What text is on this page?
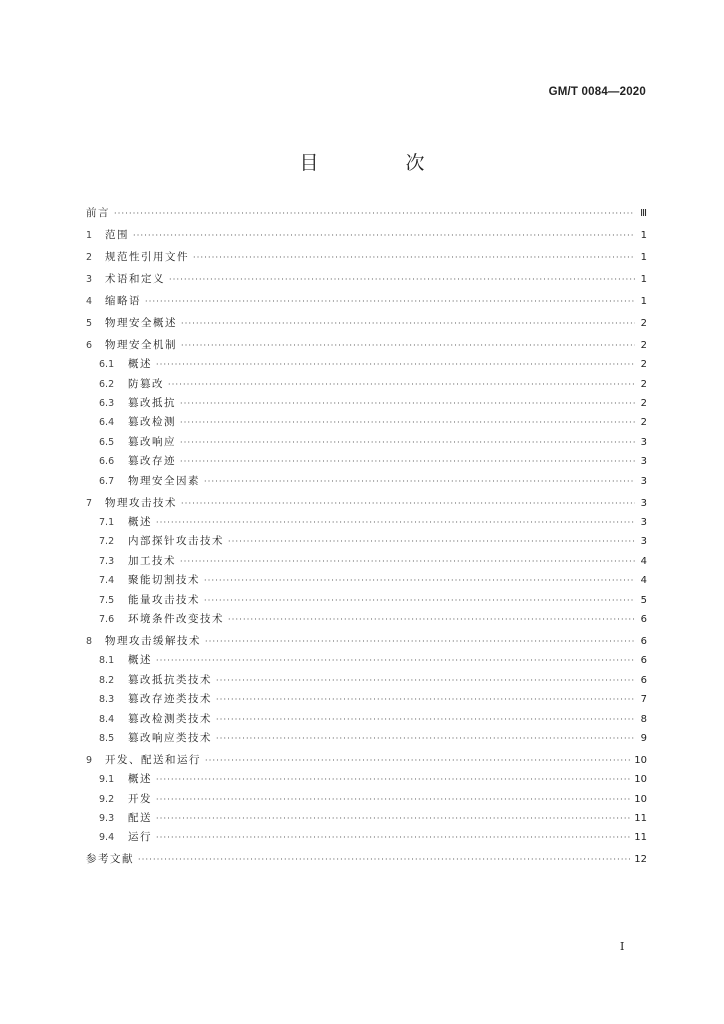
GM/T 0084—2020
目　次
前言 ·····	Ⅲ
1	范围 ·····	1
2	规范性引用文件 ·····	1
3	术语和定义 ·····	1
4	缩略语 ·····	1
5	物理安全概述 ·····	2
6	物理安全机制 ·····	2
6.1	概述 ·····	2
6.2	防篡改 ·····	2
6.3	篡改抵抗 ·····	2
6.4	篡改检测 ·····	2
6.5	篡改响应 ·····	3
6.6	篡改存迹 ·····	3
6.7	物理安全因素 ·····	3
7	物理攻击技术 ·····	3
7.1	概述 ·····	3
7.2	内部探针攻击技术 ·····	3
7.3	加工技术 ·····	4
7.4	聚能切割技术 ·····	4
7.5	能量攻击技术 ·····	5
7.6	环境条件改变技术 ·····	6
8	物理攻击缓解技术 ·····	6
8.1	概述 ·····	6
8.2	篡改抵抗类技术 ·····	6
8.3	篡改存迹类技术 ·····	7
8.4	篡改检测类技术 ·····	8
8.5	篡改响应类技术 ·····	9
9	开发、配送和运行 ·····	10
9.1	概述 ·····	10
9.2	开发 ·····	10
9.3	配送 ·····	11
9.4	运行 ·····	11
参考文献 ·····	12
Ⅰ
